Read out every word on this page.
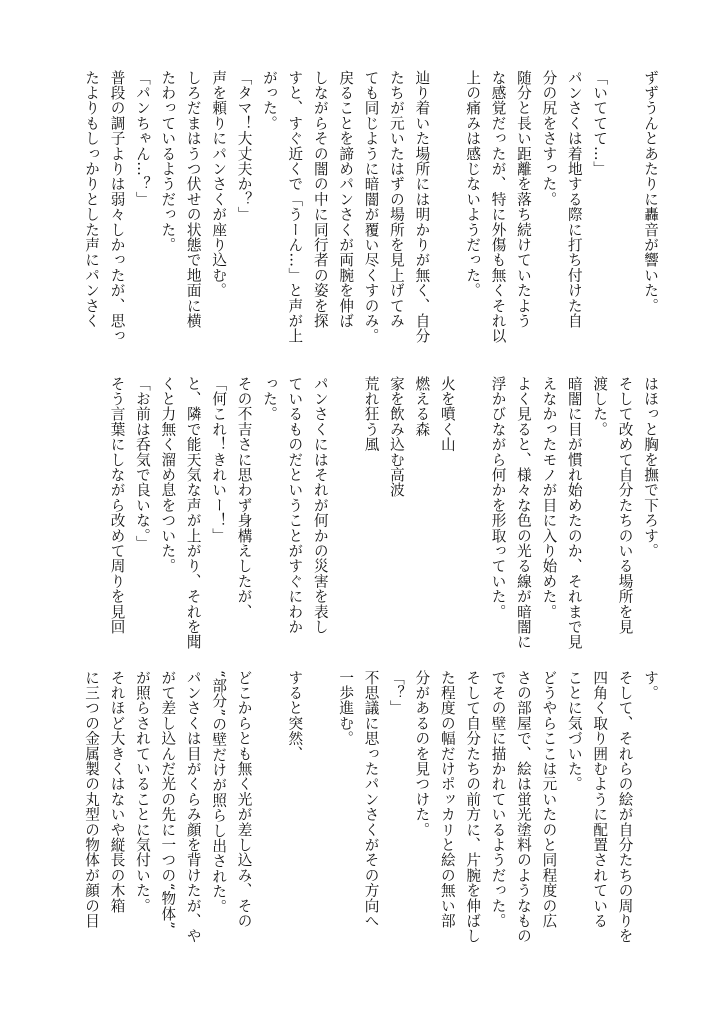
ずずうんとあたりに轟音が響いた。
「いててて…」
パンさくは着地する際に打ち付けた自
分の尻をさすった。
随分と長い距離を落ち続けていたよう
な感覚だったが、特に外傷も無くそれ以
上の痛みは感じないようだった。
辿り着いた場所には明かりが無く、自分
たちが元いたはずの場所を見上げてみ
ても同じように暗闇が覆い尽くすのみ。
戻ることを諦めパンさくが両腕を伸ば
しながらその闇の中に同行者の姿を探
すと、すぐ近くで「うーん…」と声が上
がった。
「タマ！大丈夫か？」
声を頼りにパンさくが座り込む。
しろだまはうつ伏せの状態で地面に横
たわっているようだった。
「パンちゃん…？」
普段の調子よりは弱々しかったが、思っ
たよりもしっかりとした声にパンさく
はほっと胸を撫で下ろす。
そして改めて自分たちのいる場所を見
渡した。
暗闇に目が慣れ始めたのか、それまで見
えなかったモノが目に入り始めた。
よく見ると、様々な色の光る線が暗闇に
浮かびながら何かを形取っていた。
火を噴く山
燃える森
家を飲み込む高波
荒れ狂う風
パンさくにはそれが何かの災害を表し
ているものだということがすぐにわか
った。
その不吉さに思わず身構えしたが、
「何これ！きれいー！」
と、隣で能天気な声が上がり、それを聞
くと力無く溜め息をついた。
「お前は呑気で良いな。」
そう言葉にしながら改めて周りを見回
す。
そして、それらの絵が自分たちの周りを
四角く取り囲むように配置されている
ことに気づいた。
どうやらここは元いたのと同程度の広
さの部屋で、絵は蛍光塗料のようなもの
でその壁に描かれているようだった。
そして自分たちの前方に、片腕を伸ばし
た程度の幅だけポッカリと絵の無い部
分があるのを見つけた。
「？」
不思議に思ったパンさくがその方向へ
一歩進む。
すると突然、
どこからとも無く光が差し込み、その
“部分”の壁だけが照らし出された。
パンさくは目がくらみ顔を背けたが、や
がて差し込んだ光の先に一つの“物体”
が照らされていることに気付いた。
それほど大きくはないや縦長の木箱
に三つの金属製の丸型の物体が顔の目
